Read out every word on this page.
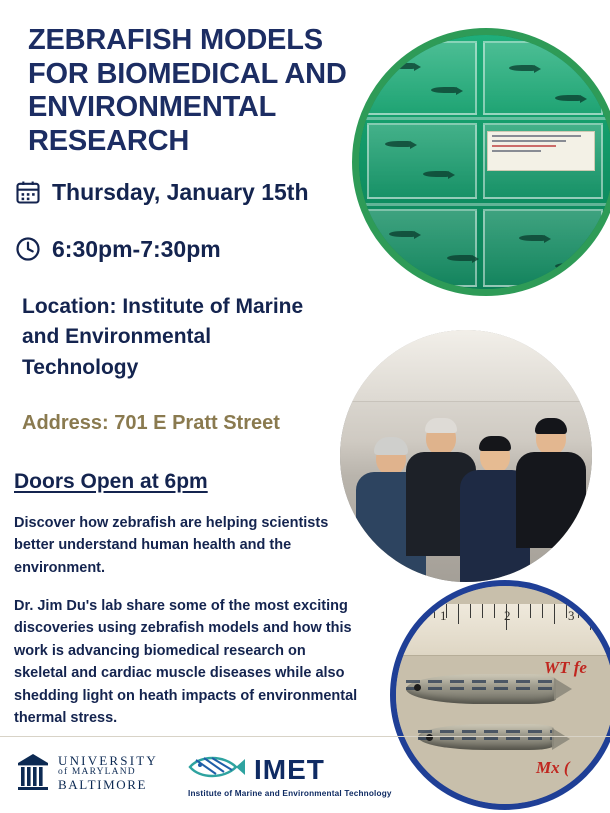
1	2	3
WT fe
Mx (
ZEBRAFISH MODELS FOR BIOMEDICAL AND ENVIRONMENTAL RESEARCH
Thursday, January 15th
6:30pm-7:30pm
Location: Institute of Marine and Environmental Technology
Address: 701 E Pratt Street
Doors Open at 6pm
Discover how zebrafish are helping scientists better understand human health and the environment.
Dr. Jim Du's lab share some of the most exciting discoveries using zebrafish models and how this work is advancing biomedical research on skeletal and cardiac muscle diseases while also shedding light on heath impacts of environmental thermal stress.
UNIVERSITY
of MARYLAND
BALTIMORE	IMET
Institute of Marine and Environmental Technology
